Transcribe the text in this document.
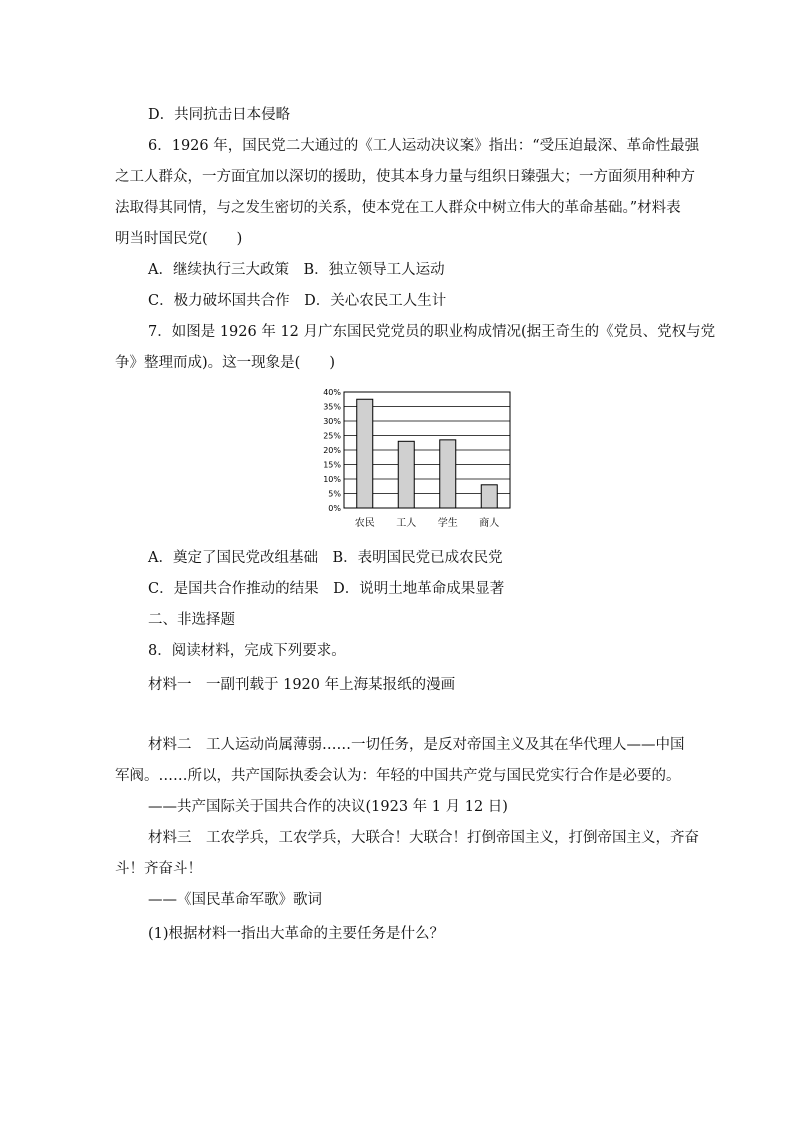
D．共同抗击日本侵略
6．1926 年，国民党二大通过的《工人运动决议案》指出：“受压迫最深、革命性最强
之工人群众，一方面宜加以深切的援助，使其本身力量与组织日臻强大；一方面须用种种方
法取得其同情，与之发生密切的关系，使本党在工人群众中树立伟大的革命基础。”材料表
明当时国民党(　　)
A．继续执行三大政策　B．独立领导工人运动
C．极力破坏国共合作　D．关心农民工人生计
7．如图是 1926 年 12 月广东国民党党员的职业构成情况(据王奇生的《党员、党权与党
争》整理而成)。这一现象是(　　)
0%
5%
10%
15%
20%
25%
30%
35%
40%
农民 工人 学生 商人
A．奠定了国民党改组基础　B．表明国民党已成农民党
C．是国共合作推动的结果　D．说明土地革命成果显著
二、非选择题
8．阅读材料，完成下列要求。
材料一　一副刊载于 1920 年上海某报纸的漫画
材料二　工人运动尚属薄弱……一切任务，是反对帝国主义及其在华代理人——中国
军阀。……所以，共产国际执委会认为：年轻的中国共产党与国民党实行合作是必要的。
——共产国际关于国共合作的决议(1923 年 1 月 12 日)
材料三　工农学兵，工农学兵，大联合！大联合！打倒帝国主义，打倒帝国主义，齐奋
斗！齐奋斗！
——《国民革命军歌》歌词
(1)根据材料一指出大革命的主要任务是什么？
